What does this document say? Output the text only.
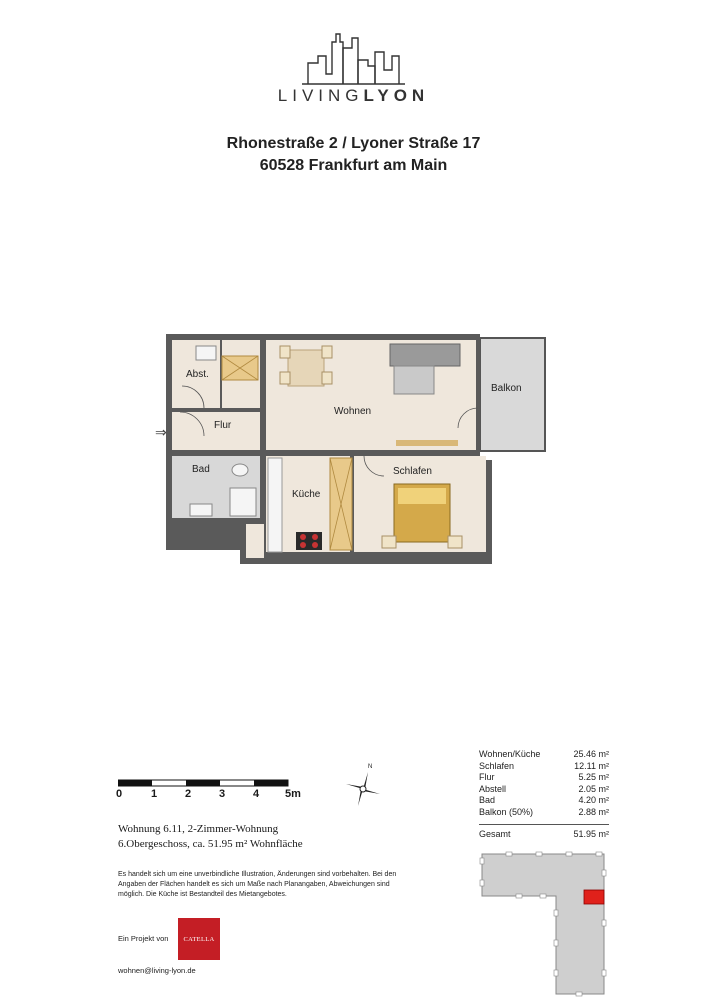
LIVINGLYON
Rhonestraße 2 / Lyoner Straße 17
60528 Frankfurt am Main
⇒
Abst.
Flur
Wohnen
Balkon
Bad
Küche
Schlafen
Wohnen/Küche	25.46 m²
Schlafen	12.11 m²
Flur	5.25 m²
Abstell	2.05 m²
Bad	4.20 m²
Balkon (50%)	2.88 m²
Gesamt	51.95 m²
0	1	2	3	4 5m
N
Wohnung 6.11, 2-Zimmer-Wohnung
6.Obergeschoss, ca. 51.95 m² Wohnfläche
Es handelt sich um eine unverbindliche Illustration, Änderungen sind vorbehalten. Bei den Angaben der Flächen handelt es sich um Maße nach Planangaben, Abweichungen sind möglich. Die Küche ist Bestandteil des Mietangebotes.
Ein Projekt von	CATELLA
wohnen@living-lyon.de
